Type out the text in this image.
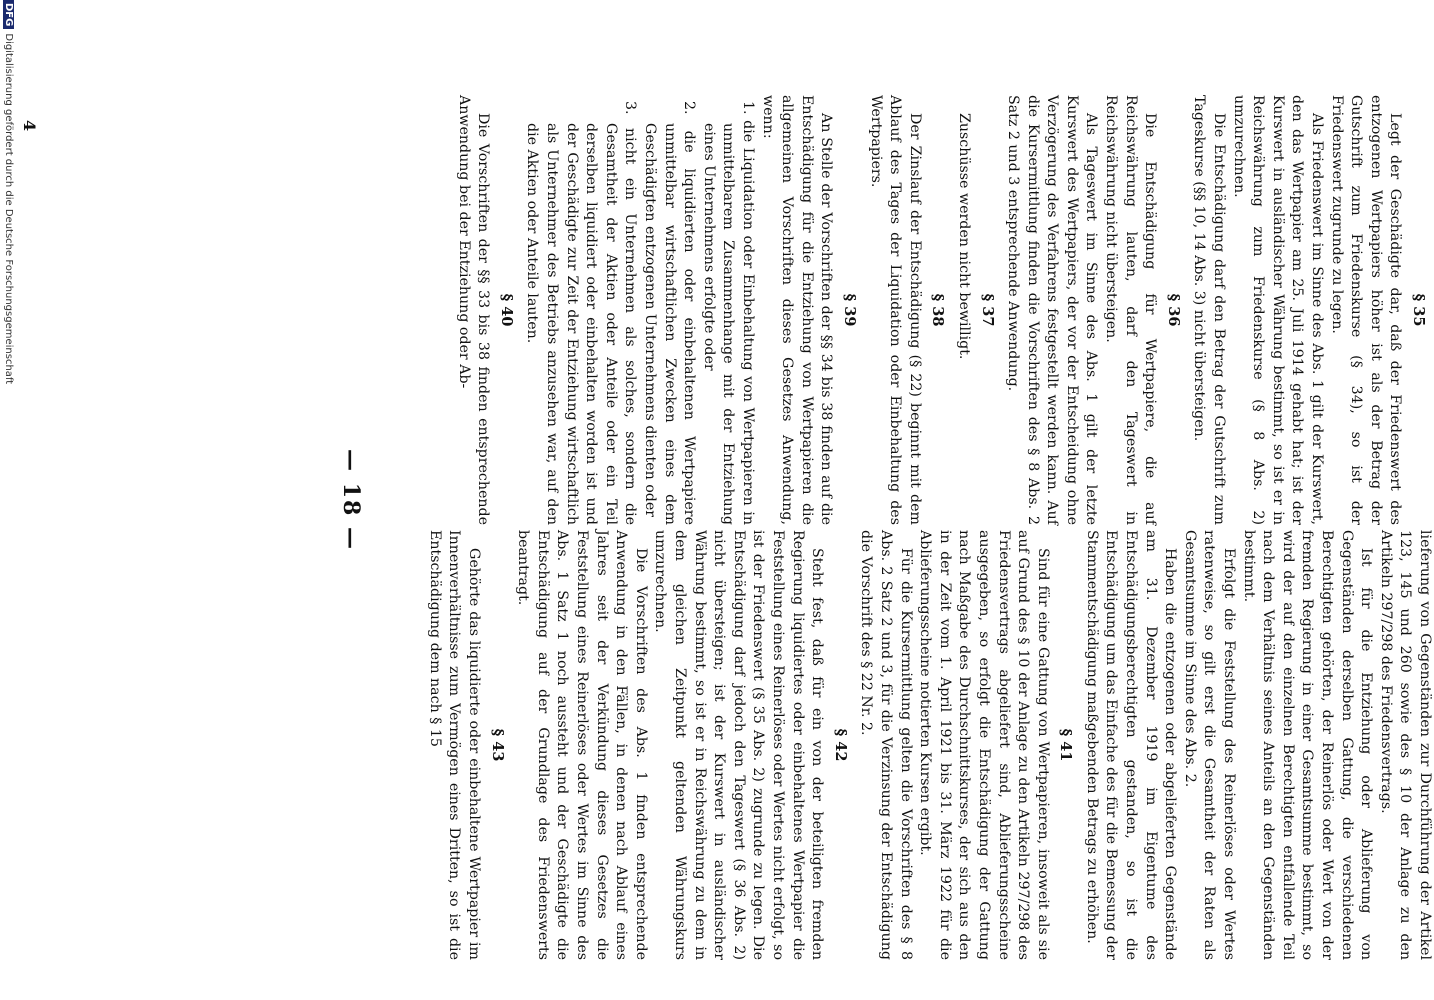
§ 35

Legt der Geschädigte dar, daß der Friedenswert des entzogenen Wertpapiers höher ist als der Betrag der Gutschrift zum Friedenskurse (§ 34), so ist der Friedenswert zugrunde zu legen.

Als Friedenswert im Sinne des Abs. 1 gilt der Kurswert, den das Wertpapier am 25. Juli 1914 gehabt hat; ist der Kurswert in ausländischer Währung bestimmt, so ist er in Reichswährung zum Friedenskurse (§ 8 Abs. 2) umzurechnen.

Die Entschädigung darf den Betrag der Gutschrift zum Tageskurse (§§ 10, 14 Abs. 3) nicht übersteigen.

§ 36

Die Entschädigung für Wertpapiere, die auf Reichswährung lauten, darf den Tageswert in Reichswährung nicht übersteigen.

Als Tageswert im Sinne des Abs. 1 gilt der letzte Kurswert des Wertpapiers, der vor der Entscheidung ohne Verzögerung des Verfahrens festgestellt werden kann. Auf die Kursermittlung finden die Vorschriften des § 8 Abs. 2 Satz 2 und 3 entsprechende Anwendung.

§ 37

Zuschüsse werden nicht bewilligt.

§ 38

Der Zinslauf der Entschädigung (§ 22) beginnt mit dem Ablauf des Tages der Liquidation oder Einbehaltung des Wertpapiers.

§ 39

An Stelle der Vorschriften der §§ 34 bis 38 finden auf die Entschädigung für die Entziehung von Wertpapieren die allgemeinen Vorschriften dieses Gesetzes Anwendung, wenn:

1. die Liquidation oder Einbehaltung von Wertpapieren in unmittelbarem Zusammenhange mit der Entziehung eines Unternehmens erfolgte oder

2. die liquidierten oder einbehaltenen Wertpapiere unmittelbar wirtschaftlichen Zwecken eines dem Geschädigten entzogenen Unternehmens dienten oder

3. nicht ein Unternehmen als solches, sondern die Gesamtheit der Aktien oder Anteile oder ein Teil derselben liquidiert oder einbehalten worden ist und der Geschädigte zur Zeit der Entziehung wirtschaftlich als Unternehmer des Betriebs anzusehen war, auf den die Aktien oder Anteile lauten.

§ 40

Die Vorschriften der §§ 33 bis 38 finden entsprechende Anwendung bei der Entziehung oder Ab-

— 18 —

lieferung von Gegenständen zur Durchführung der Artikel 123, 145 und 260 sowie des § 10 der Anlage zu den Artikeln 297/298 des Friedensvertrags.

Ist für die Entziehung oder Ablieferung von Gegenständen derselben Gattung, die verschiedenen Berechtigten gehörten, der Reinerlös oder Wert von der fremden Regierung in einer Gesamtsumme bestimmt, so wird der auf den einzelnen Berechtigten entfallende Teil nach dem Verhältnis seines Anteils an den Gegenständen bestimmt.

Erfolgt die Feststellung des Reinerlöses oder Wertes ratenweise, so gilt erst die Gesamtheit der Raten als Gesamtsumme im Sinne des Abs. 2.

Haben die entzogenen oder abgelieferten Gegenstände am 31. Dezember 1919 im Eigentume des Entschädigungsberechtigten gestanden, so ist die Entschädigung um das Einfache des für die Bemessung der Stammentschädigung maßgebenden Betrags zu erhöhen.

§ 41

Sind für eine Gattung von Wertpapieren, insoweit als sie auf Grund des § 10 der Anlage zu den Artikeln 297/298 des Friedensvertrags abgeliefert sind, Ablieferungsscheine ausgegeben, so erfolgt die Entschädigung der Gattung nach Maßgabe des Durchschnittskurses, der sich aus den in der Zeit vom 1. April 1921 bis 31. März 1922 für die Ablieferungsscheine notierten Kursen ergibt.

Für die Kursermittlung gelten die Vorschriften des § 8 Abs. 2 Satz 2 und 3, für die Verzinsung der Entschädigung die Vorschrift des § 22 Nr. 2.

§ 42

Steht fest, daß für ein von der beteiligten fremden Regierung liquidiertes oder einbehaltenes Wertpapier die Feststellung eines Reinerlöses oder Wertes nicht erfolgt, so ist der Friedenswert (§ 35 Abs. 2) zugrunde zu legen. Die Entschädigung darf jedoch den Tageswert (§ 36 Abs. 2) nicht übersteigen; ist der Kurswert in ausländischer Währung bestimmt, so ist er in Reichswährung zu dem in dem gleichen Zeitpunkt geltenden Währungskurs umzurechnen.

Die Vorschriften des Abs. 1 finden entsprechende Anwendung in den Fällen, in denen nach Ablauf eines Jahres seit der Verkündung dieses Gesetzes die Feststellung eines Reinerlöses oder Wertes im Sinne des Abs. 1 Satz 1 noch aussteht und der Geschädigte die Entschädigung auf der Grundlage des Friedenswerts beantragt.

§ 43

Gehörte das liquidierte oder einbehaltene Wertpapier im Innenverhältnisse zum Vermögen eines Dritten, so ist die Entschädigung dem nach § 15

4
DFGDigitalisierung gefördert durch die Deutsche Forschungsgemeinschaft
